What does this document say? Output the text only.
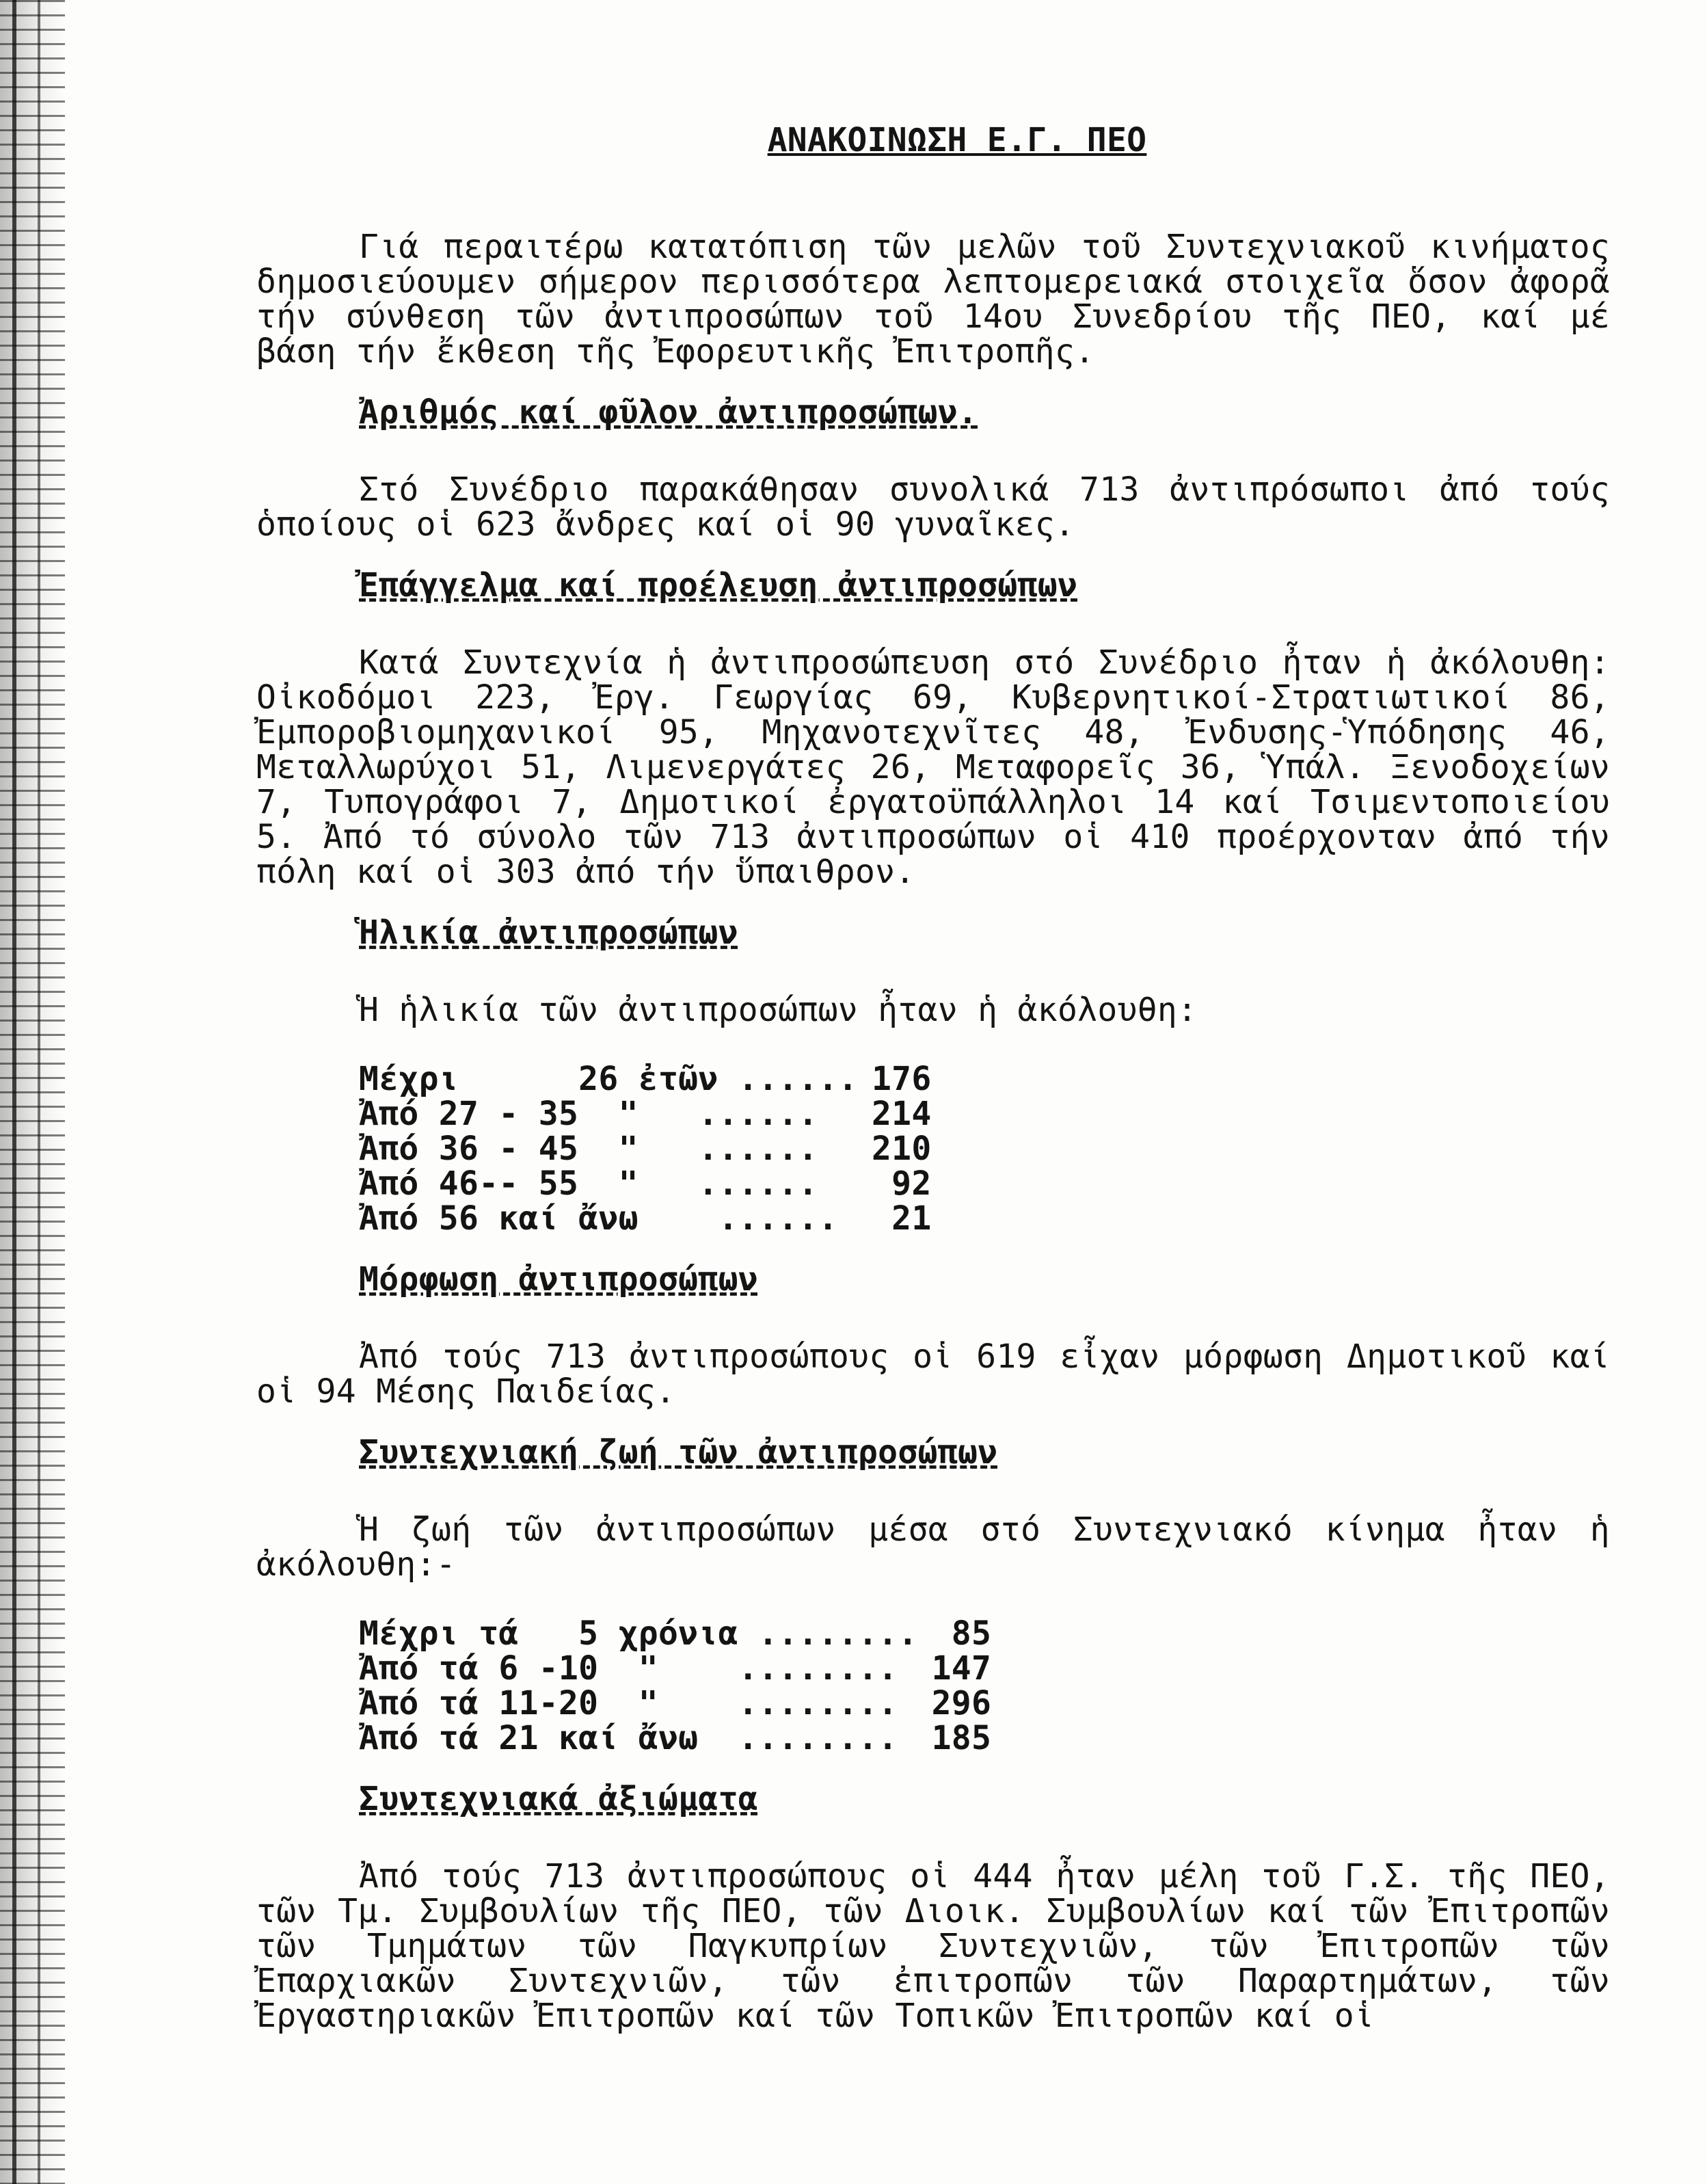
ΑΝΑΚΟΙΝΩΣΗ Ε.Γ. ΠΕΟ

Γιά περαιτέρω κατατόπιση τῶν μελῶν τοῦ Συντεχνιακοῦ κινήματος δημοσιεύουμεν σήμερον περισσότερα λεπτομερειακά στοιχεῖα ὅσον ἀφορᾶ τήν σύνθεση τῶν ἀντιπροσώπων τοῦ 14ου Συνεδρίου τῆς ΠΕΟ, καί μέ βάση τήν ἔκθεση τῆς Ἐφορευτικῆς Ἐπιτροπῆς.

Ἀριθμός καί φῦλον ἀντιπροσώπων.

Στό Συνέδριο παρακάθησαν συνολικά 713 ἀντιπρόσωποι ἀπό τούς ὁποίους οἱ 623 ἄνδρες καί οἱ 90 γυναῖκες.

Ἐπάγγελμα καί προέλευση ἀντιπροσώπων

Κατά Συντεχνία ἡ ἀντιπροσώπευση στό Συνέδριο ἦταν ἡ ἀκόλουθη: Οἰκοδόμοι 223, Ἐργ. Γεωργίας 69, Κυβερνητικοί-Στρατιωτικοί 86, Ἐμποροβιομηχανικοί 95, Μηχανοτεχνῖτες 48, Ἐνδυσης-Ὑπόδησης 46, Μεταλλωρύχοι 51, Λιμενεργάτες 26, Μεταφορεῖς 36, Ὑπάλ. Ξενοδοχείων 7, Τυπογράφοι 7, Δημοτικοί ἐργατοϋπάλληλοι 14 καί Τσιμεντοποιείου 5. Ἀπό τό σύνολο τῶν 713 ἀντιπροσώπων οἱ 410 προέρχονταν ἀπό τήν πόλη καί οἱ 303 ἀπό τήν ὕπαιθρον.

Ἡλικία ἀντιπροσώπων

Ἡ ἡλικία τῶν ἀντιπροσώπων ἦταν ἡ ἀκόλουθη:

Μέχρι      26 ἐτῶν ......	176
Ἀπό 27 - 35  "   ......	214
Ἀπό 36 - 45  "   ......	210
Ἀπό 46-- 55  "   ......	92
Ἀπό 56 καί ἄνω    ......	21
Μόρφωση ἀντιπροσώπων

Ἀπό τούς 713 ἀντιπροσώπους οἱ 619 εἶχαν μόρφωση Δημοτικοῦ καί οἱ 94 Μέσης Παιδείας.

Συντεχνιακή ζωή τῶν ἀντιπροσώπων

Ἡ ζωή τῶν ἀντιπροσώπων μέσα στό Συντεχνιακό κίνημα ἦταν ἡ ἀκόλουθη:-

Μέχρι τά   5 χρόνια ........	85
Ἀπό τά 6 -10  "    ........	147
Ἀπό τά 11-20  "    ........	296
Ἀπό τά 21 καί ἄνω  ........	185
Συντεχνιακά ἀξιώματα

Ἀπό τούς 713 ἀντιπροσώπους οἱ 444 ἦταν μέλη τοῦ Γ.Σ. τῆς ΠΕΟ, τῶν Τμ. Συμβουλίων τῆς ΠΕΟ, τῶν Διοικ. Συμβουλίων καί τῶν Ἐπιτροπῶν τῶν Τμημάτων τῶν Παγκυπρίων Συντεχνιῶν, τῶν Ἐπιτροπῶν τῶν Ἐπαρχιακῶν Συντεχνιῶν, τῶν ἐπιτροπῶν τῶν Παραρτημάτων, τῶν Ἐργαστηριακῶν Ἐπιτροπῶν καί τῶν Τοπικῶν Ἐπιτροπῶν καί οἱ
